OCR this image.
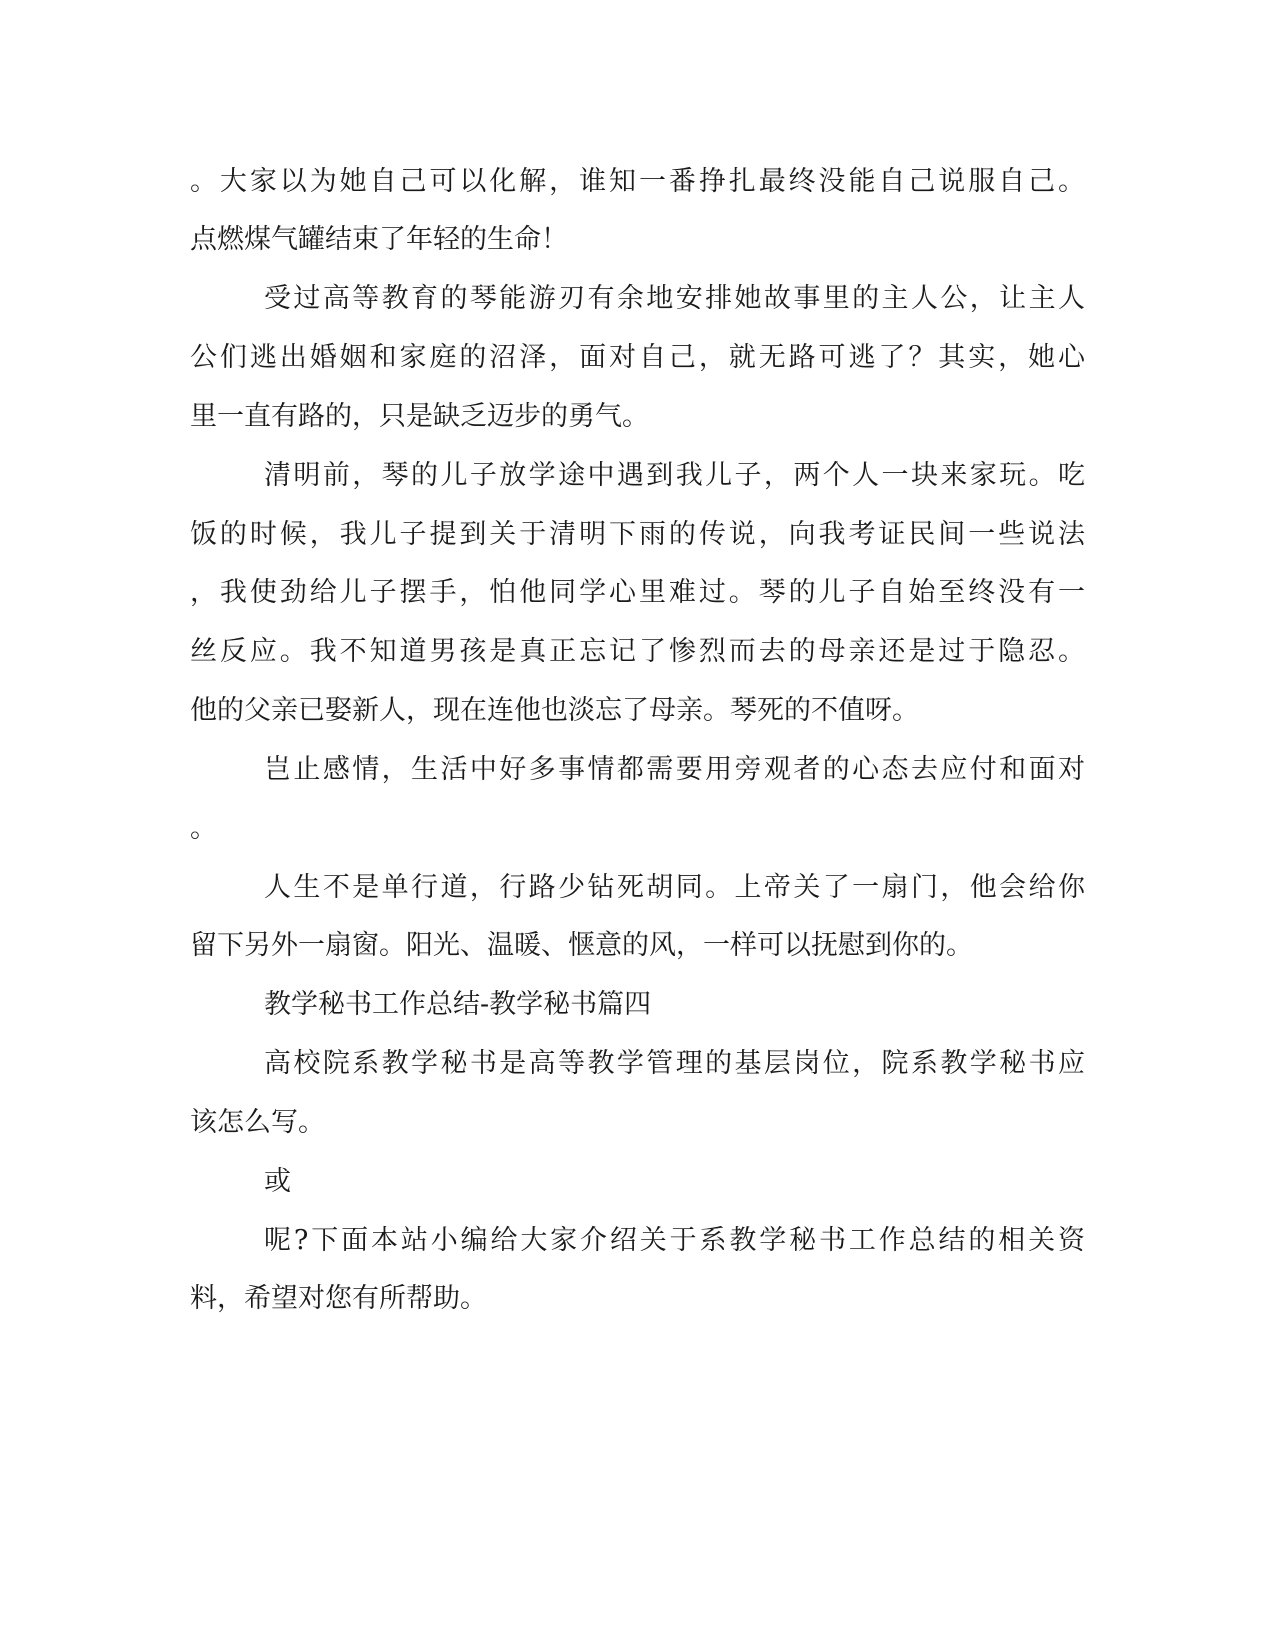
。大家以为她自己可以化解，谁知一番挣扎最终没能自己说服自己。
点燃煤气罐结束了年轻的生命！
受过高等教育的琴能游刃有余地安排她故事里的主人公，让主人
公们逃出婚姻和家庭的沼泽，面对自己，就无路可逃了？其实，她心
里一直有路的，只是缺乏迈步的勇气。
清明前，琴的儿子放学途中遇到我儿子，两个人一块来家玩。吃
饭的时候，我儿子提到关于清明下雨的传说，向我考证民间一些说法
，我使劲给儿子摆手，怕他同学心里难过。琴的儿子自始至终没有一
丝反应。我不知道男孩是真正忘记了惨烈而去的母亲还是过于隐忍。
他的父亲已娶新人，现在连他也淡忘了母亲。琴死的不值呀。
岂止感情，生活中好多事情都需要用旁观者的心态去应付和面对
。
人生不是单行道，行路少钻死胡同。上帝关了一扇门，他会给你
留下另外一扇窗。阳光、温暖、惬意的风，一样可以抚慰到你的。
教学秘书工作总结-教学秘书篇四
高校院系教学秘书是高等教学管理的基层岗位，院系教学秘书应
该怎么写。
或
呢?下面本站小编给大家介绍关于系教学秘书工作总结的相关资
料，希望对您有所帮助。
